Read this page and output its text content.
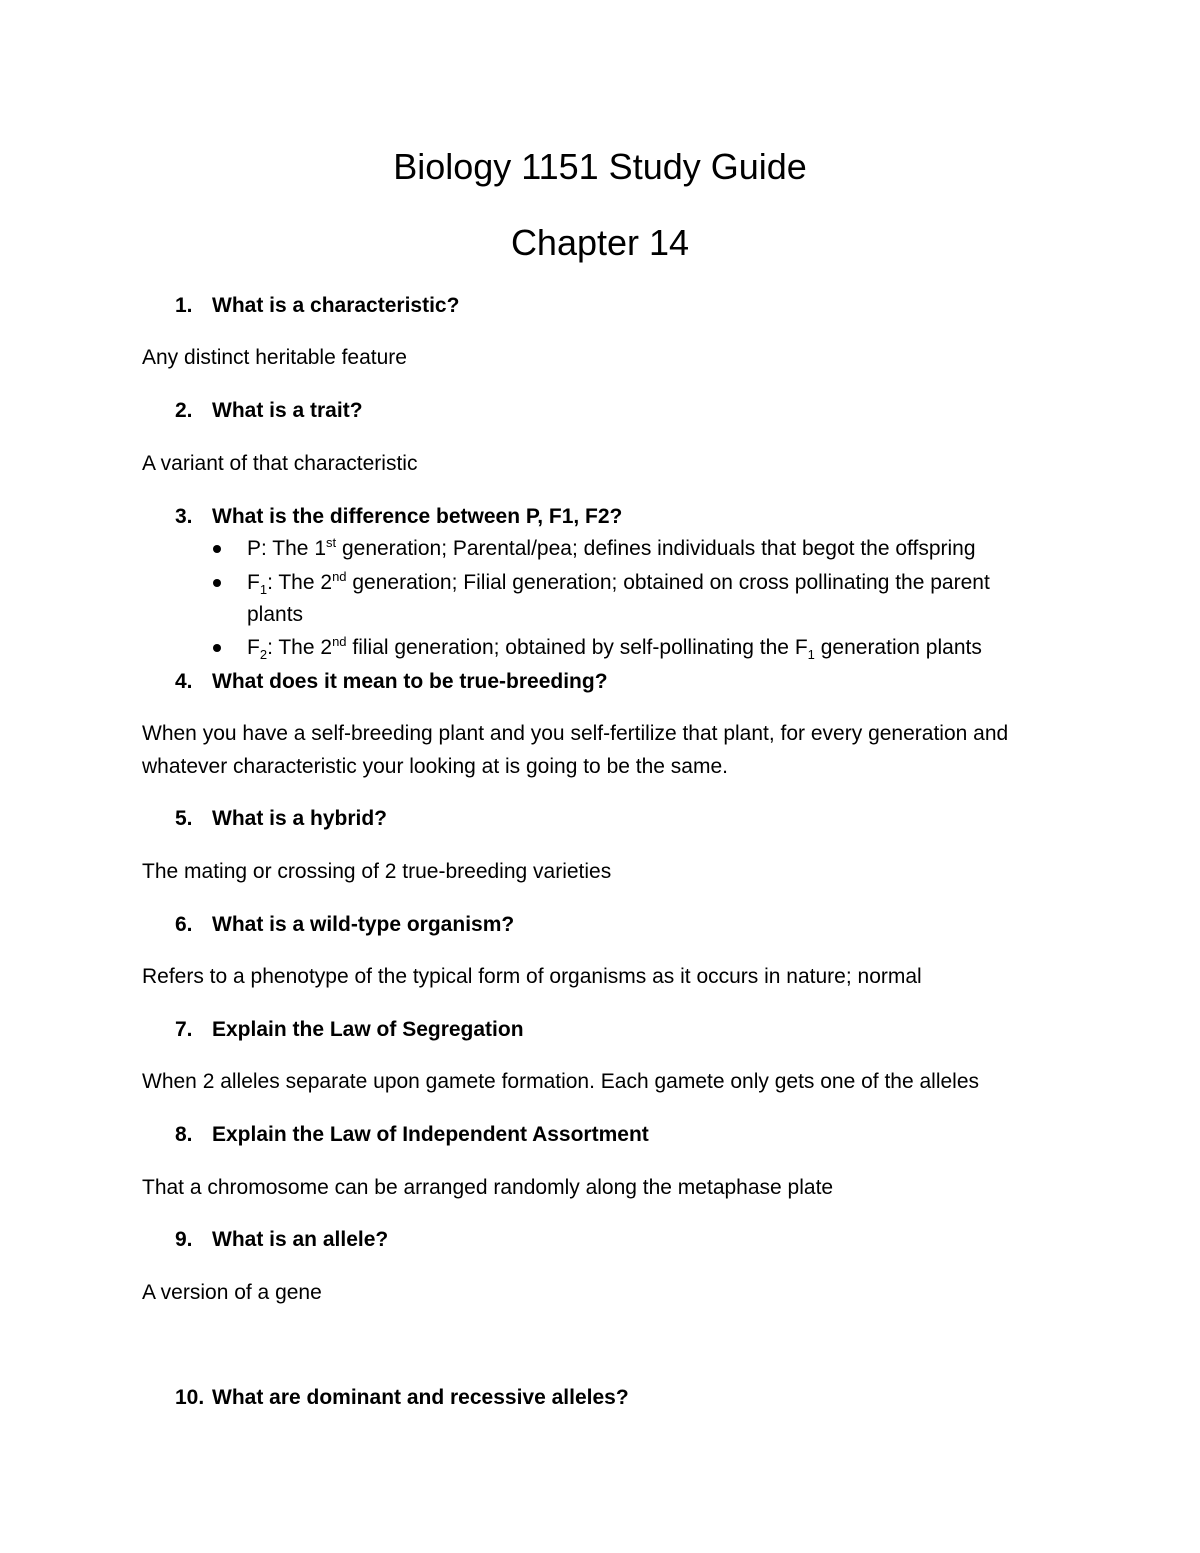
Biology 1151 Study Guide
Chapter 14
1. What is a characteristic?
Any distinct heritable feature
2. What is a trait?
A variant of that characteristic
3. What is the difference between P, F1, F2?
P: The 1st generation; Parental/pea; defines individuals that begot the offspring
$F_1$: The 2nd generation; Filial generation; obtained on cross pollinating the parent
plants
$F_2$: The 2nd filial generation; obtained by self-pollinating the $F_1$ generation plants
4. What does it mean to be true-breeding?
When you have a self-breeding plant and you self-fertilize that plant, for every generation and
whatever characteristic your looking at is going to be the same.
5. What is a hybrid?
The mating or crossing of 2 true-breeding varieties
6. What is a wild-type organism?
Refers to a phenotype of the typical form of organisms as it occurs in nature; normal
7. Explain the Law of Segregation
When 2 alleles separate upon gamete formation. Each gamete only gets one of the alleles
8. Explain the Law of Independent Assortment
That a chromosome can be arranged randomly along the metaphase plate
9. What is an allele?
A version of a gene
10. What are dominant and recessive alleles?
